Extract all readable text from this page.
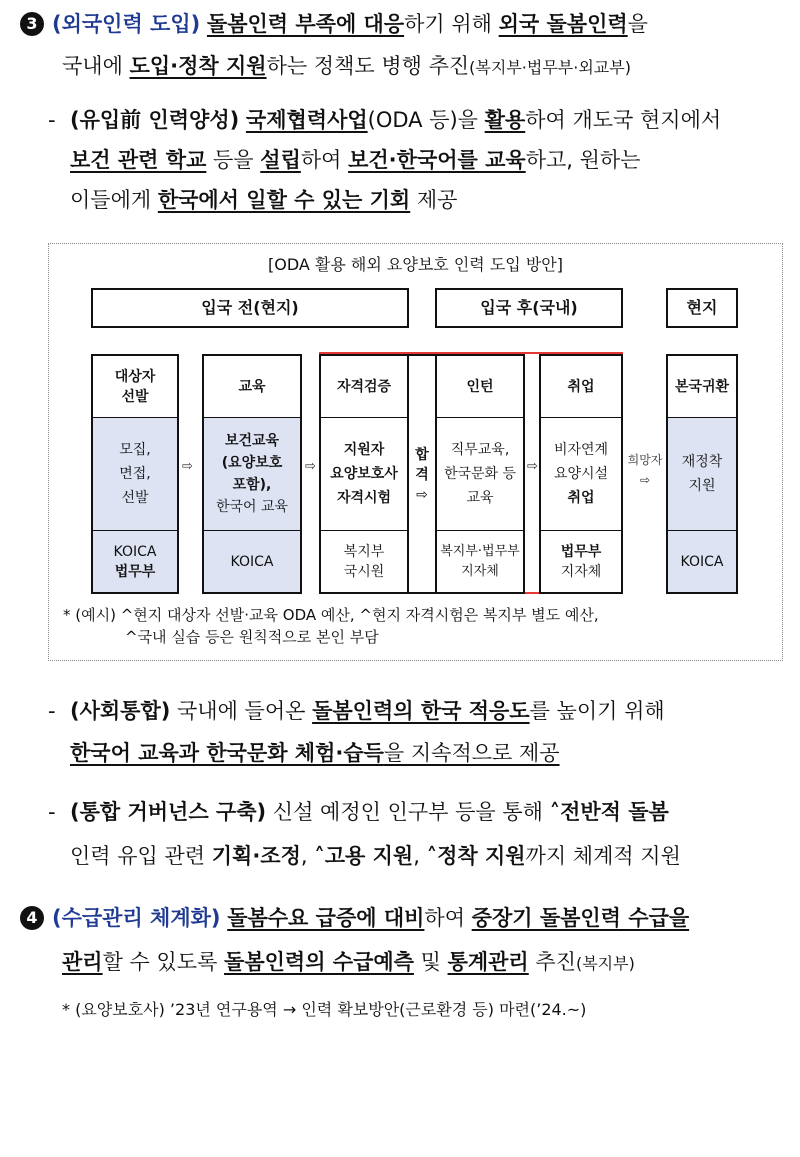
3 (외국인력 도입) 돌봄인력 부족에 대응하기 위해 외국 돌봄인력을
국내에 도입·정착 지원하는 정책도 병행 추진(복지부·법무부·외교부)
- (유입前 인력양성) 국제협력사업(ODA 등)을 활용하여 개도국 현지에서
보건 관련 학교 등을 설립하여 보건·한국어를 교육하고, 원하는
이들에게 한국에서 일할 수 있는 기회 제공
[ODA 활용 해외 요양보호 인력 도입 방안]
입국 전(현지)	입국 후(국내)	현지
대상자 선발
모집,
면접,
선발
KOICA
법무부
⇨
교육
보건교육
(요양보호
포함),
한국어 교육
KOICA
⇨
자격검증
지원자
요양보호사
자격시험
복지부
국시원
합
격
⇨
인턴
직무교육,
한국문화 등
교육
복지부·법무부
지자체
⇨
취업
비자연계
요양시설
취업
법무부
지자체
희망자
⇨
본국귀환
재정착
지원
KOICA
* (예시) ^현지 대상자 선발·교육 ODA 예산, ^현지 자격시험은 복지부 별도 예산,
^국내 실습 등은 원칙적으로 본인 부담
- (사회통합) 국내에 들어온 돌봄인력의 한국 적응도를 높이기 위해
한국어 교육과 한국문화 체험·습득을 지속적으로 제공
- (통합 거버넌스 구축) 신설 예정인 인구부 등을 통해 ˄전반적 돌봄
인력 유입 관련 기획·조정, ˄고용 지원, ˄정착 지원까지 체계적 지원
4 (수급관리 체계화) 돌봄수요 급증에 대비하여 중장기 돌봄인력 수급을
관리할 수 있도록 돌봄인력의 수급예측 및 통계관리 추진(복지부)
* (요양보호사) ’23년 연구용역 → 인력 확보방안(근로환경 등) 마련(’24.~)
